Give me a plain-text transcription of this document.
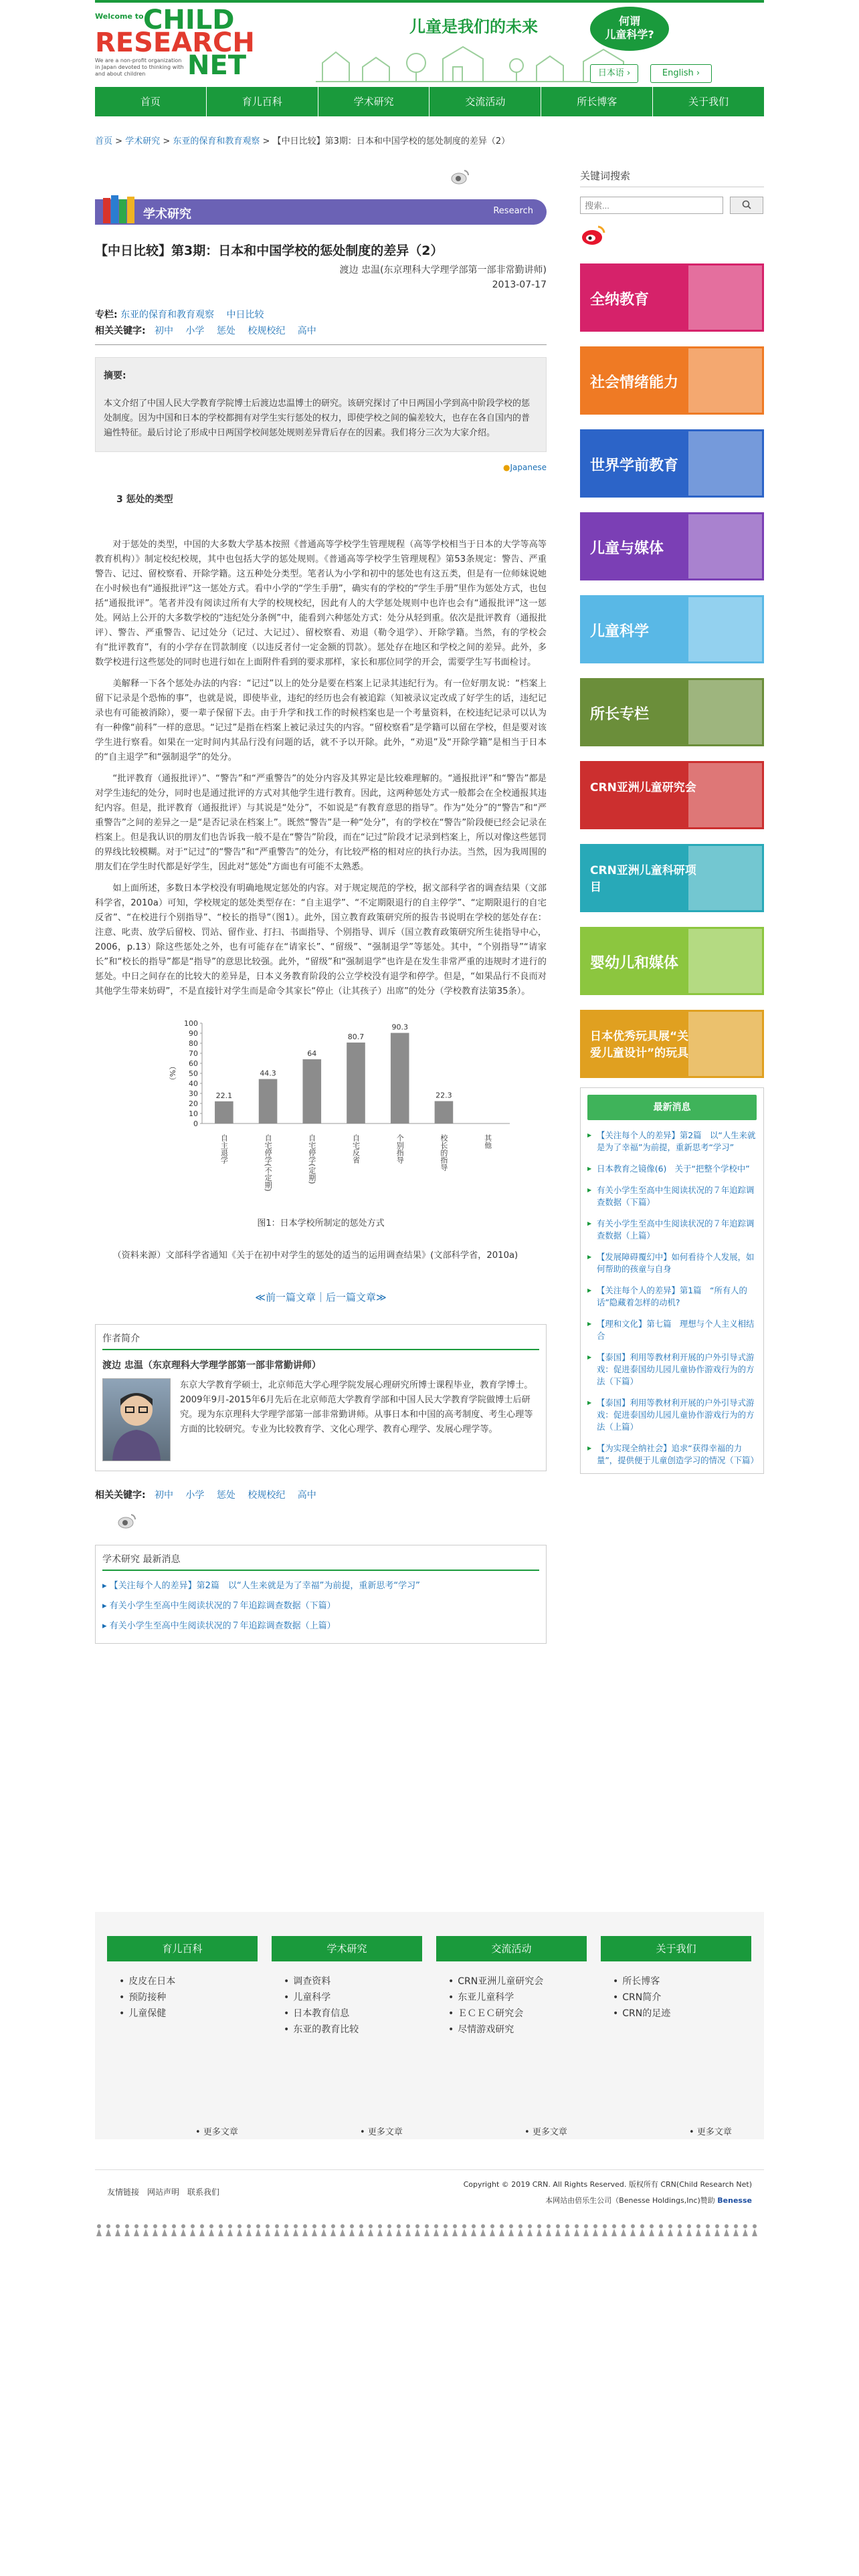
Welcome to CHILD
RESEARCH
NET
We are a non-profit organization in Japan devoted to thinking with and about children
儿童是我们的未来	何谓
儿童科学?
日本语 ›	English ›
首页	育儿百科	学术研究	交流活动	所长博客	关于我们
首页 > 学术研究 > 东亚的保育和教育观察 > 【中日比较】第3期：日本和中国学校的惩处制度的差异（2）
学术研究	Research
【中日比较】第3期：日本和中国学校的惩处制度的差异（2）
渡边 忠温(东京理科大学理学部第一部非常勤讲师)
2013-07-17
专栏: 东亚的保育和教育观察 中日比较
相关关键字: 初中 小学 惩处 校规校纪 高中
摘要:
本文介绍了中国人民大学教育学院博士后渡边忠温博士的研究。该研究探讨了中日两国小学到高中阶段学校的惩处制度。因为中国和日本的学校都拥有对学生实行惩处的权力，即使学校之间的偏差较大，也存在各自国内的普遍性特征。最后讨论了形成中日两国学校间惩处规则差异背后存在的因素。我们将分三次为大家介绍。
●Japanese
3 惩处的类型

对于惩处的类型，中国的大多数大学基本按照《普通高等学校学生管理规程（高等学校相当于日本的大学等高等教育机构）》制定校纪校规，其中也包括大学的惩处规则。《普通高等学校学生管理规程》第53条规定：警告、严重警告、记过、留校察看、开除学籍。这五种处分类型。笔者认为小学和初中的惩处也有这五类，但是有一位师妹说她在小时候也有“通报批评”这一惩处方式。看中小学的“学生手册”，确实有的学校的“学生手册”里作为惩处方式，也包括“通报批评”。笔者并没有阅读过所有大学的校规校纪，因此有人的大学惩处规则中也许也会有“通报批评”这一惩处。网站上公开的大多数学校的“违纪处分条例”中，能看到六种惩处方式：处分从轻到重。依次是批评教育（通报批评）、警告、严重警告、记过处分（记过、大记过）、留校察看、劝退（勒令退学）、开除学籍。当然，有的学校会有“批评教育”，有的小学存在罚款制度（以违反者付一定金额的罚款）。惩处存在地区和学校之间的差异。此外，多数学校进行这些惩处的同时也进行如在上面附件看到的要求那样，家长和那位同学的开会，需要学生写书面检讨。

美解释一下各个惩处办法的内容：“记过”以上的处分是要在档案上记录其违纪行为。有一位好朋友说：“档案上留下记录是个恐怖的事”，也就是说，即使毕业，违纪的经历也会有被追踪（知被录议定改成了好学生的话，违纪记录也有可能被消除），要一辈子保留下去。由于升学和找工作的时候档案也是一个考量资料，在校违纪记录可以认为有一种像“前科”一样的意思。“记过”是指在档案上被记录过失的内容。“留校察看”是学籍可以留在学校，但是要对该学生进行察看。如果在一定时间内其品行没有问题的话，就不予以开除。此外，“劝退”及“开除学籍”是相当于日本的“自主退学”和“强制退学”的处分。

“批评教育（通报批评）”、“警告”和“严重警告”的处分内容及其界定是比较难理解的。“通报批评”和“警告”都是对学生违纪的处分，同时也是通过批评的方式对其他学生进行教育。因此，这两种惩处方式一般都会在全校通报其违纪内容。但是，批评教育（通报批评）与其说是“处分”，不如说是“有教育意思的指导”。作为“处分”的“警告”和“严重警告”之间的差异之一是“是否记录在档案上”。既然“警告”是一种“处分”，有的学校在“警告”阶段便已经会记录在档案上。但是我认识的朋友们也告诉我一般不是在“警告”阶段，而在“记过”阶段才记录到档案上，所以对像这些惩罚的界线比较模糊。对于“记过”的“警告”和“严重警告”的处分，有比较严格的相对应的执行办法。当然，因为我周围的朋友们在学生时代都是好学生，因此对“惩处”方面也有可能不太熟悉。

如上面所述，多数日本学校没有明确地规定惩处的内容。对于规定规范的学校，据文部科学省的调查结果（文部科学省，2010a）可知，学校规定的惩处类型存在：“自主退学”、“不定期限退行的自主停学”、“定期限退行的自宅反省”、“在校进行个别指导”、“校长的指导”（图1）。此外，国立教育政策研究所的报告书说明在学校的惩处存在：注意、叱责、放学后留校、罚站、留作业、打扫、书面指导、个别指导、训斥（国立教育政策研究所生徒指导中心，2006，p.13）除这些惩处之外，也有可能存在“请家长”、“留级”、“强制退学”等惩处。其中，“个别指导”“请家长”和“校长的指导”都是“指导”的意思比较强。此外，“留级”和“强制退学”也许是在发生非常严重的违规时才进行的惩处。中日之间存在的比较大的差异是，日本义务教育阶段的公立学校没有退学和停学。但是，“如果品行不良而对其他学生带来妨碍”，不是直接针对学生而是命令其家长“停止（让其孩子）出席”的处分（学校教育法第35条）。

0
10
20
30
40
50
60
70
80
90
100
（%）
22.1
自主退学
44.3
自宅停学(不定期)
64
自宅停学(定期)
80.7
自宅反省
90.3
个别指导
22.3
校长的指导	其他
图1：日本学校所制定的惩处方式

（资料来源）文部科学省通知《关于在初中对学生的惩处的适当的运用调查结果》(文部科学省，2010a)

≪前一篇文章｜后一篇文章≫
作者简介
渡边 忠温（东京理科大学理学部第一部非常勤讲师）
东京大学教育学硕士，北京师范大学心理学院发展心理研究所博士课程毕业，教育学博士。2009年9月-2015年6月先后在北京师范大学教育学部和中国人民大学教育学院做博士后研究。现为东京理科大学理学部第一部非常勤讲师。从事日本和中国的高考制度、考生心理等方面的比较研究。专业为比较教育学、文化心理学、教育心理学、发展心理学等。
相关关键字: 初中 小学 惩处 校规校纪 高中
学术研究 最新消息
▸ 【关注每个人的差异】第2篇　以“人生来就是为了幸福”为前提，重新思考“学习”
▸ 有关小学生至高中生阅读状况的７年追踪调查数据（下篇）
▸ 有关小学生至高中生阅读状况的７年追踪调查数据（上篇）
关键词搜索
搜索...
全纳教育
社会情绪能力
世界学前教育
儿童与媒体
儿童科学
所长专栏
CRN亚洲儿童研究会
CRN亚洲儿童科研项目
婴幼儿和媒体
日本优秀玩具展“关爱儿童设计”的玩具
最新消息
▶ 【关注每个人的差异】第2篇　以“人生来就是为了幸福”为前提，重新思考“学习”
▶ 日本教育之镜像(6)　关于“把整个学校中”
▶ 有关小学生至高中生阅读状况的７年追踪调查数据（下篇）
▶ 有关小学生至高中生阅读状况的７年追踪调查数据（上篇）
▶ 【发展障碍覆幻中】如何看待个人发展，如何帮助的孩童与自身
▶ 【关注每个人的差异】第1篇　“所有人的话”隐藏着怎样的动机?
▶ 【理和文化】第七篇　理想与个人主义相结合
▶ 【泰国】利用等教材利开展的户外引导式游戏：促进泰国幼儿园儿童协作游戏行为的方法（下篇）
▶ 【泰国】利用等教材利开展的户外引导式游戏：促进泰国幼儿园儿童协作游戏行为的方法（上篇）
▶ 【为实现全纳社会】追求“获得幸福的力量”，提供便于儿童创造学习的情况（下篇）
育儿百科
• 皮皮在日本
• 预防接种
• 儿童保健
学术研究
• 调查资料
• 儿童科学
• 日本教育信息
• 东亚的教育比较
交流活动
• CRN亚洲儿童研究会
• 东亚儿童科学
• ＥＣＥＣ研究会
• 尽情游戏研究
关于我们
• 所长博客
• CRN简介
• CRN的足迹
• 更多文章	• 更多文章	• 更多文章	• 更多文章
友情链接　网站声明　联系我们
Copyright © 2019 CRN. All Rights Reserved. 版权所有 CRN(Child Research Net)
本网站由倍乐生公司（Benesse Holdings,Inc)赞助 Benesse
